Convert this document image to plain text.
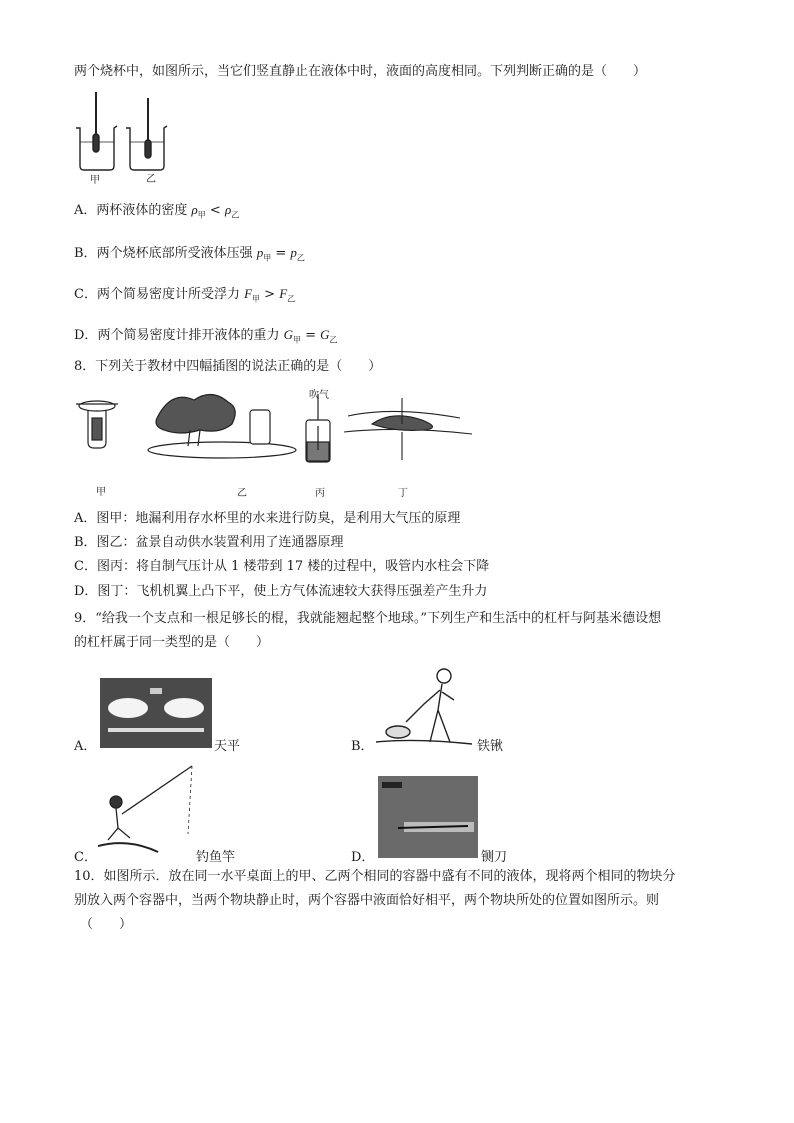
两个烧杯中，如图所示，当它们竖直静止在液体中时，液面的高度相同。下列判断正确的是（　　）
甲	乙
A．两杯液体的密度 $\rho_甲 < \rho_乙$
B．两个烧杯底部所受液体压强 $p_甲 = p_乙$
C．两个简易密度计所受浮力 $F_甲 > F_乙$
D．两个简易密度计排开液体的重力 $G_甲 = G_乙$
8．下列关于教材中四幅插图的说法正确的是（　　）
吹气
甲	乙	丙	丁
A．图甲：地漏利用存水杯里的水来进行防臭，是利用大气压的原理
B．图乙：盆景自动供水装置利用了连通器原理
C．图丙：将自制气压计从 1 楼带到 17 楼的过程中，吸管内水柱会下降
D．图丁：飞机机翼上凸下平，使上方气体流速较大获得压强差产生升力
9．“给我一个支点和一根足够长的棍，我就能翘起整个地球。”下列生产和生活中的杠杆与阿基米德设想
的杠杆属于同一类型的是（　　）
A．	天平	B．	铁锹
C．	钓鱼竿	D．	铡刀
10．如图所示．放在同一水平桌面上的甲、乙两个相同的容器中盛有不同的液体，现将两个相同的物块分
别放入两个容器中，当两个物块静止时，两个容器中液面恰好相平，两个物块所处的位置如图所示。则
（　　）
